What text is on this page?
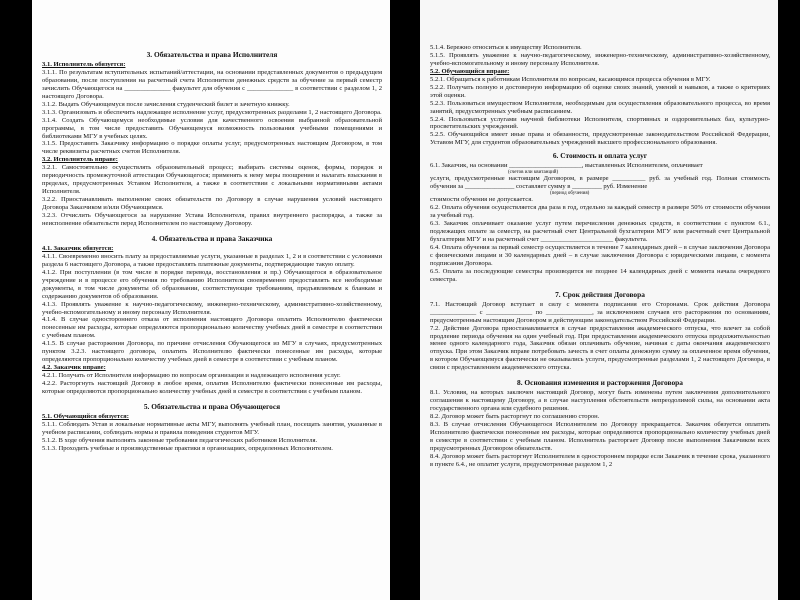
3. Обязательства и права Исполнителя
3.1. Исполнитель обязуется:

3.1.1. По результатам вступительных испытаний/аттестации, на основании представленных документов о предыдущем образовании, после поступления на расчетный счета Исполнителя денежных средств за обучение за первый семестр зачислить Обучающегося на ______________ факультет для обучения с ______________ в соответствии с разделом 1, 2 настоящего Договора.

3.1.2. Выдать Обучающемуся после зачисления студенческий билет и зачетную книжку.

3.1.3. Организовать и обеспечить надлежащее исполнение услуг, предусмотренных разделами 1, 2 настоящего Договора.

3.1.4. Создать Обучающемуся необходимые условия для качественного освоения выбранной образовательной программы, в том числе предоставить Обучающемуся возможность пользования учебными помещениями и библиотеками МГУ в учебных целях.

3.1.5. Предоставить Заказчику информацию о порядке оплаты услуг, предусмотренных настоящим Договором, в том числе реквизиты расчетных счетов Исполнителя.

3.2. Исполнитель вправе:

3.2.1. Самостоятельно осуществлять образовательный процесс; выбирать системы оценок, формы, порядок и периодичность промежуточной аттестации Обучающегося; применять к нему меры поощрения и налагать взыскания в пределах, предусмотренных Уставом Исполнителя, а также в соответствии с локальными нормативными актами Исполнителя.

3.2.2. Приостанавливать выполнение своих обязательств по Договору в случае нарушения условий настоящего Договора Заказчиком и/или Обучающимся.

3.2.3. Отчислить Обучающегося за нарушение Устава Исполнителя, правил внутреннего распорядка, а также за неисполнение обязательств перед Исполнителем по настоящему Договору.

4. Обязательства и права Заказчика
4.1. Заказчик обязуется:

4.1.1. Своевременно вносить плату за предоставляемые услуги, указанные в разделах 1, 2 и в соответствии с условиями раздела 6 настоящего Договора, а также предоставлять платежные документы, подтверждающие такую оплату.

4.1.2. При поступлении (в том числе в порядке перевода, восстановления и пр.) Обучающегося в образовательное учреждение и в процессе его обучения по требованию Исполнителя своевременно предоставлять все необходимые документы, в том числе документы об образовании, соответствующие требованиям, предъявляемым к бланкам и содержанию документов об образовании.

4.1.3. Проявлять уважение к научно-педагогическому, инженерно-техническому, административно-хозяйственному, учебно-вспомогательному и иному персоналу Исполнителя.

4.1.4. В случае одностороннего отказа от исполнения настоящего Договора оплатить Исполнителю фактически понесенные им расходы, которые определяются пропорционально количеству учебных дней в семестре в соответствии с учебным планом.

4.1.5. В случае расторжения Договора, по причине отчисления Обучающегося из МГУ в случаях, предусмотренных пунктом 3.2.3. настоящего договора, оплатить Исполнителю фактически понесенные им расходы, которые определяются пропорционально количеству учебных дней в семестре в соответствии с учебным планом.

4.2. Заказчик вправе:

4.2.1. Получать от Исполнителя информацию по вопросам организации и надлежащего исполнения услуг.

4.2.2. Расторгнуть настоящий Договор в любое время, оплатив Исполнителю фактически понесенные им расходы, которые определяются пропорционально количеству учебных дней в семестре в соответствии с учебным планом.

5. Обязательства и права Обучающегося
5.1. Обучающийся обязуется:

5.1.1. Соблюдать Устав и локальные нормативные акты МГУ, выполнять учебный план, посещать занятия, указанные в учебном расписании, соблюдать нормы и правила поведения студентов МГУ.

5.1.2. В ходе обучения выполнять законные требования педагогических работников Исполнителя.

5.1.3. Проходить учебные и производственные практики в организациях, определенных Исполнителем.

5.1.4. Бережно относиться к имуществу Исполнителя.

5.1.5. Проявлять уважение к научно-педагогическому, инженерно-техническому, административно-хозяйственному, учебно-вспомогательному и иному персоналу Исполнителя.

5.2. Обучающийся вправе:

5.2.1. Обращаться к работникам Исполнителя по вопросам, касающимся процесса обучения в МГУ.

5.2.2. Получать полную и достоверную информацию об оценке своих знаний, умений и навыков, а также о критериях этой оценки.

5.2.3. Пользоваться имуществом Исполнителя, необходимым для осуществления образовательного процесса, во время занятий, предусмотренных учебным расписанием.

5.2.4. Пользоваться услугами научной библиотеки Исполнителя, спортивных и оздоровительных баз, культурно-просветительских учреждений.

5.2.5. Обучающийся имеет иные права и обязанности, предусмотренные законодательством Российской Федерации, Уставом МГУ, для студентов образовательных учреждений высшего профессионального образования.

6. Стоимость и оплата услуг

6.1. Заказчик, на основании ______________________, выставленных Исполнителем, оплачивает

(счетов или квитанций)

услуги, предусмотренные настоящим Договором, в размере __________ руб. за учебный год. Полная стоимость обучения за _______________ составляет сумму в _________ руб. Изменение

(период обучения)

стоимости обучения не допускается.

6.2. Оплата обучения осуществляется два раза в год, отдельно за каждый семестр в размере 50% от стоимости обучения за учебный год.

6.3. Заказчик оплачивает оказание услуг путем перечисления денежных средств, в соответствии с пунктом 6.1., подлежащих оплате за семестр, на расчетный счет Центральной бухгалтерии МГУ или расчетный счет Центральной бухгалтерии МГУ и на расчетный счет ______________________ факультета.

6.4. Оплата обучения за первый семестр осуществляется в течение 7 календарных дней – в случае заключения Договора с физическими лицами и 30 календарных дней – в случае заключения Договора с юридическими лицами, с момента подписания Договора.

6.5. Оплата за последующие семестры производится не позднее 14 календарных дней с момента начала очередного семестра.

7. Срок действия Договора

7.1. Настоящий Договор вступает в силу с момента подписания его Сторонами. Срок действия Договора ______________ с ______________ по ______________, за исключением случаев его расторжения по основаниям, предусмотренным настоящим Договором и действующим законодательством Российской Федерации.

7.2. Действие Договора приостанавливается в случае предоставления академического отпуска, что влечет за собой продление периода обучения на один учебный год. При предоставлении академического отпуска продолжительностью менее одного календарного года, Заказчик обязан оплачивать обучение, начиная с даты окончания академического отпуска. При этом Заказчик вправе потребовать зачесть в счет оплаты денежную сумму за оплаченное время обучения, в котором Обучающемуся фактически не оказывались услуги, предусмотренные разделами 1, 2 настоящего Договора, в связи с предоставлением академического отпуска.

8. Основания изменения и расторжения Договора

8.1. Условия, на которых заключен настоящий Договор, могут быть изменены путем заключения дополнительного соглашения к настоящему Договору, а в случае наступления обстоятельств непреодолимой силы, на основании акта государственного органа или судебного решения.

8.2. Договор может быть расторгнут по соглашению сторон.

8.3. В случае отчисления Обучающегося Исполнителем по Договору прекращается. Заказчик обязуется оплатить Исполнителю фактически понесенные им расходы, которые определяются пропорционально количеству учебных дней в семестре в соответствии с учебным планом. Исполнитель расторгает Договор после выполнения Заказчиком всех предусмотренных Договором обязательств.

8.4. Договор может быть расторгнут Исполнителем в одностороннем порядке если Заказчик в течение срока, указанного в пункте 6.4., не оплатит услуги, предусмотренные разделом 1, 2
